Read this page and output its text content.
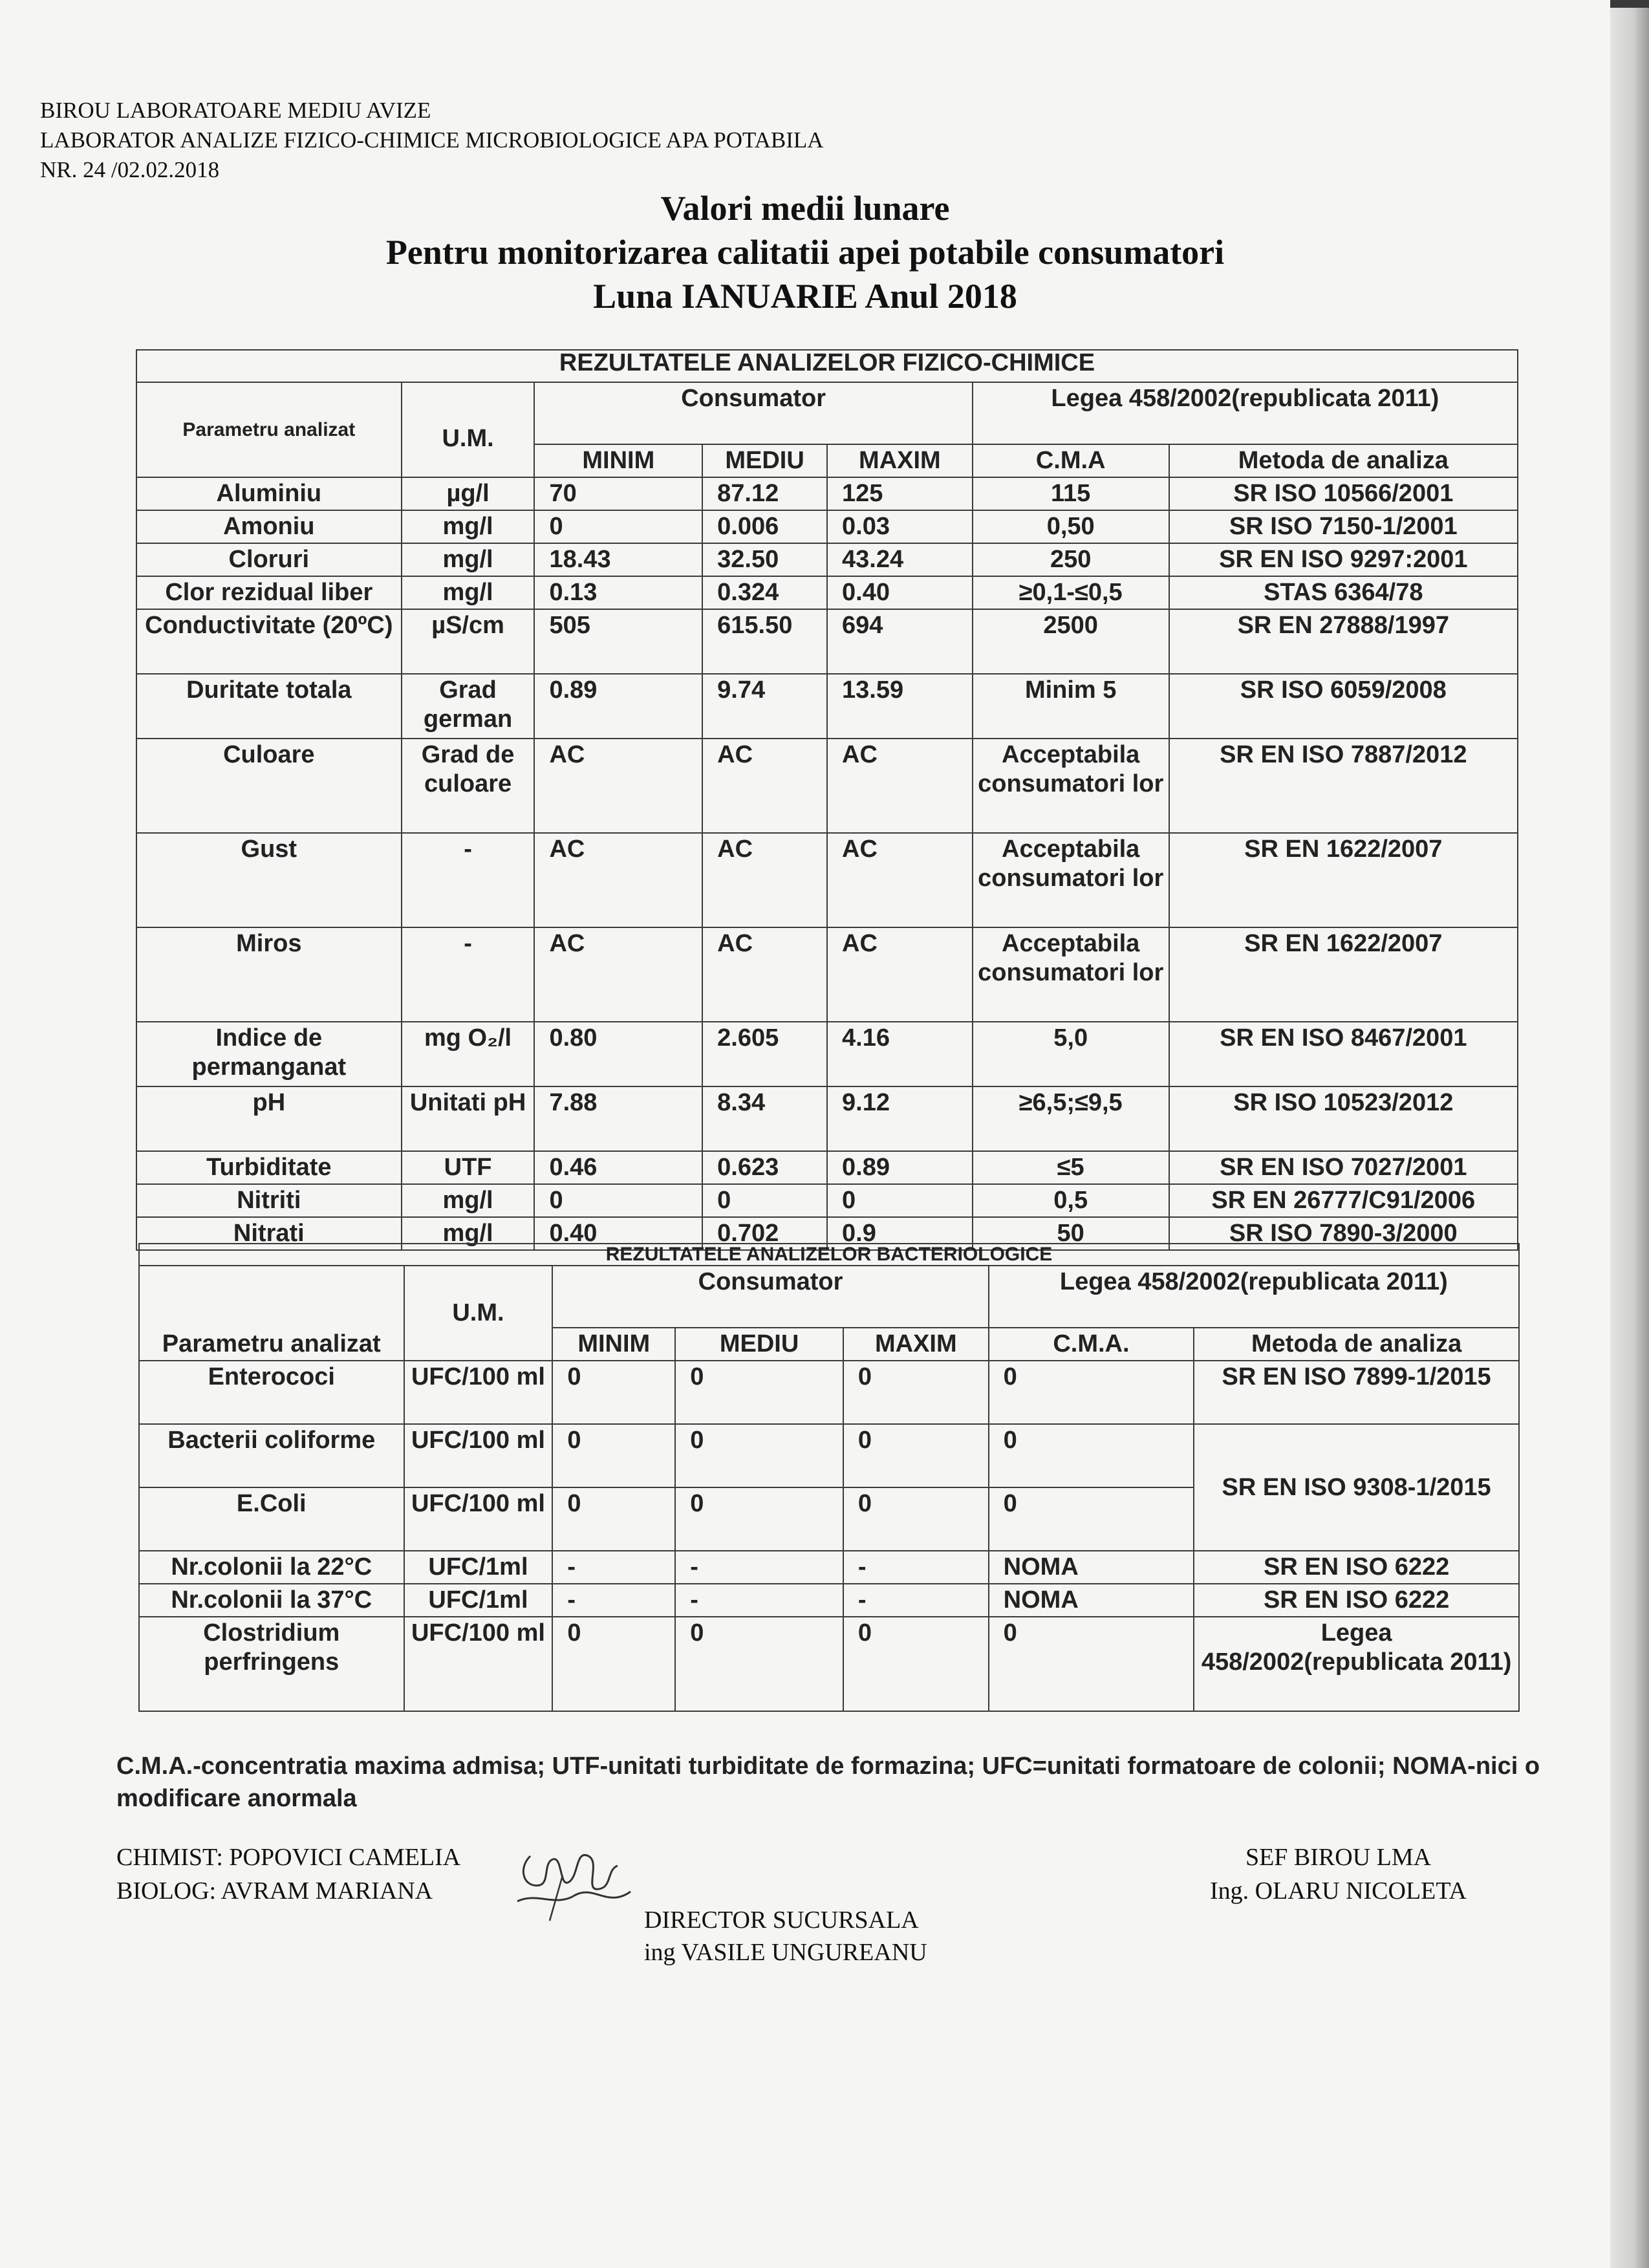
BIROU LABORATOARE MEDIU AVIZE
LABORATOR ANALIZE FIZICO-CHIMICE MICROBIOLOGICE APA POTABILA
NR. 24 /02.02.2018
Valori medii lunare
Pentru monitorizarea calitatii apei potabile consumatori
Luna IANUARIE Anul 2018
REZULTATELE ANALIZELOR FIZICO-CHIMICE						
Parametru analizat	U.M.	Consumator			Legea 458/2002(republicata 2011)	
		MINIM	MEDIU	MAXIM	C.M.A	Metoda de analiza
Aluminiu	µg/l	70	87.12	125	115	SR ISO 10566/2001
Amoniu	mg/l	0	0.006	0.03	0,50	SR ISO 7150-1/2001
Cloruri	mg/l	18.43	32.50	43.24	250	SR EN ISO 9297:2001
Clor rezidual liber	mg/l	0.13	0.324	0.40	≥0,1-≤0,5	STAS 6364/78
Conductivitate (20ºC)	µS/cm	505	615.50	694	2500	SR EN 27888/1997
Duritate totala	Grad german	0.89	9.74	13.59	Minim 5	SR ISO 6059/2008
Culoare	Grad de culoare	AC	AC	AC	Acceptabila consumatori lor	SR EN ISO 7887/2012
Gust	-	AC	AC	AC	Acceptabila consumatori lor	SR EN 1622/2007
Miros	-	AC	AC	AC	Acceptabila consumatori lor	SR EN 1622/2007
Indice de permanganat	mg O₂/l	0.80	2.605	4.16	5,0	SR EN ISO 8467/2001
pH	Unitati pH	7.88	8.34	9.12	≥6,5;≤9,5	SR ISO 10523/2012
Turbiditate	UTF	0.46	0.623	0.89	≤5	SR EN ISO 7027/2001
Nitriti	mg/l	0	0	0	0,5	SR EN 26777/C91/2006
Nitrati	mg/l	0.40	0.702	0.9	50	SR ISO 7890-3/2000
REZULTATELE ANALIZELOR BACTERIOLOGICE						
Parametru analizat	U.M.	Consumator			Legea 458/2002(republicata 2011)	
		MINIM	MEDIU	MAXIM	C.M.A.	Metoda de analiza
Enterococi	UFC/100 ml	0	0	0	0	SR EN ISO 7899-1/2015
Bacterii coliforme	UFC/100 ml	0	0	0	0	SR EN ISO 9308-1/2015
E.Coli	UFC/100 ml	0	0	0	0	
Nr.colonii la 22°C	UFC/1ml	-	-	-	NOMA	SR EN ISO 6222
Nr.colonii la 37°C	UFC/1ml	-	-	-	NOMA	SR EN ISO 6222
Clostridium perfringens	UFC/100 ml	0	0	0	0	Legea 458/2002(republicata 2011)
C.M.A.-concentratia maxima admisa; UTF-unitati turbiditate de formazina; UFC=unitati formatoare de colonii; NOMA-nici o modificare anormala
CHIMIST: POPOVICI CAMELIA
BIOLOG: AVRAM MARIANA
SEF BIROU LMA
Ing. OLARU NICOLETA
DIRECTOR SUCURSALA
ing VASILE UNGUREANU
